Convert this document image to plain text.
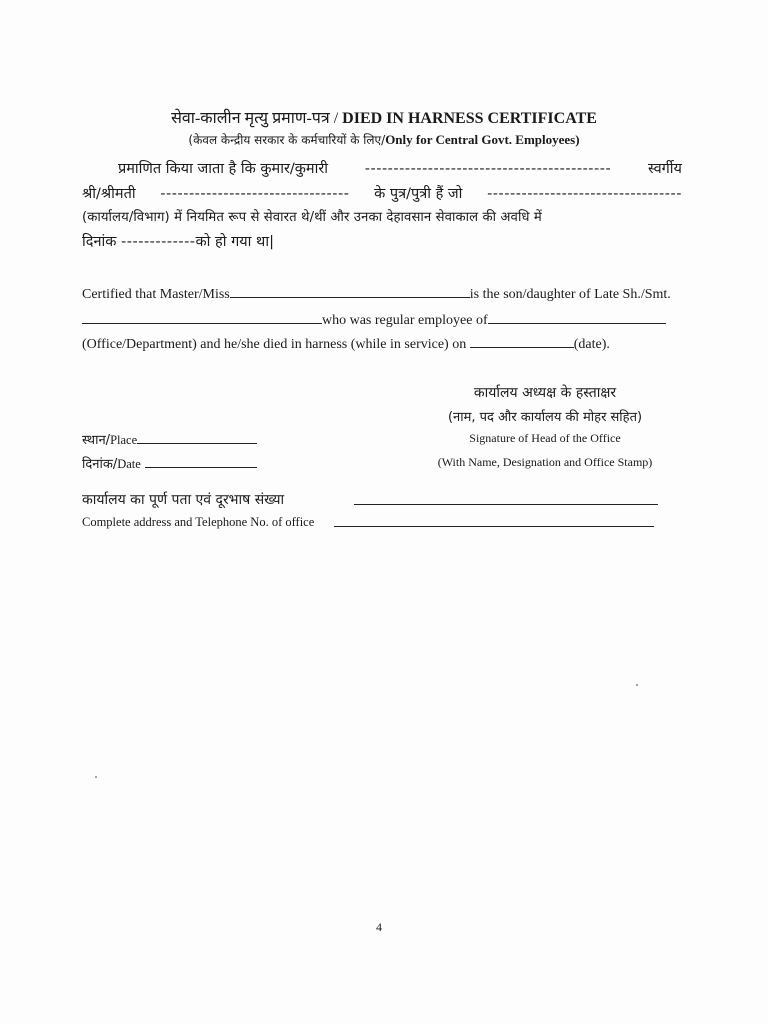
सेवा-कालीन मृत्यु प्रमाण-पत्र / DIED IN HARNESS CERTIFICATE
(केवल केन्द्रीय सरकार के कर्मचारियों के लिए/Only for Central Govt. Employees)
प्रमाणित किया जाता है कि कुमार/कुमारी	-------------------------------------------	स्वर्गीय
श्री/श्रीमती --------------------------------- के पुत्र/पुत्री हैं जो ----------------------------------
(कार्यालय/विभाग) में नियमित रूप से सेवारत थे/थीं और उनका देहावसान सेवाकाल की अवधि में
दिनांक -------------को हो गया था|
Certified that Master/Miss	is the son/daughter of Late Sh./Smt.
who was regular employee of
(Office/Department) and he/she died in harness (while in service) on	(date).
कार्यालय अध्यक्ष के हस्ताक्षर
(नाम, पद और कार्यालय की मोहर सहित)
Signature of Head of the Office
(With Name, Designation and Office Stamp)
स्थान/Place
दिनांक/Date
कार्यालय का पूर्ण पता एवं दूरभाष संख्या
Complete address and Telephone No. of office
4
